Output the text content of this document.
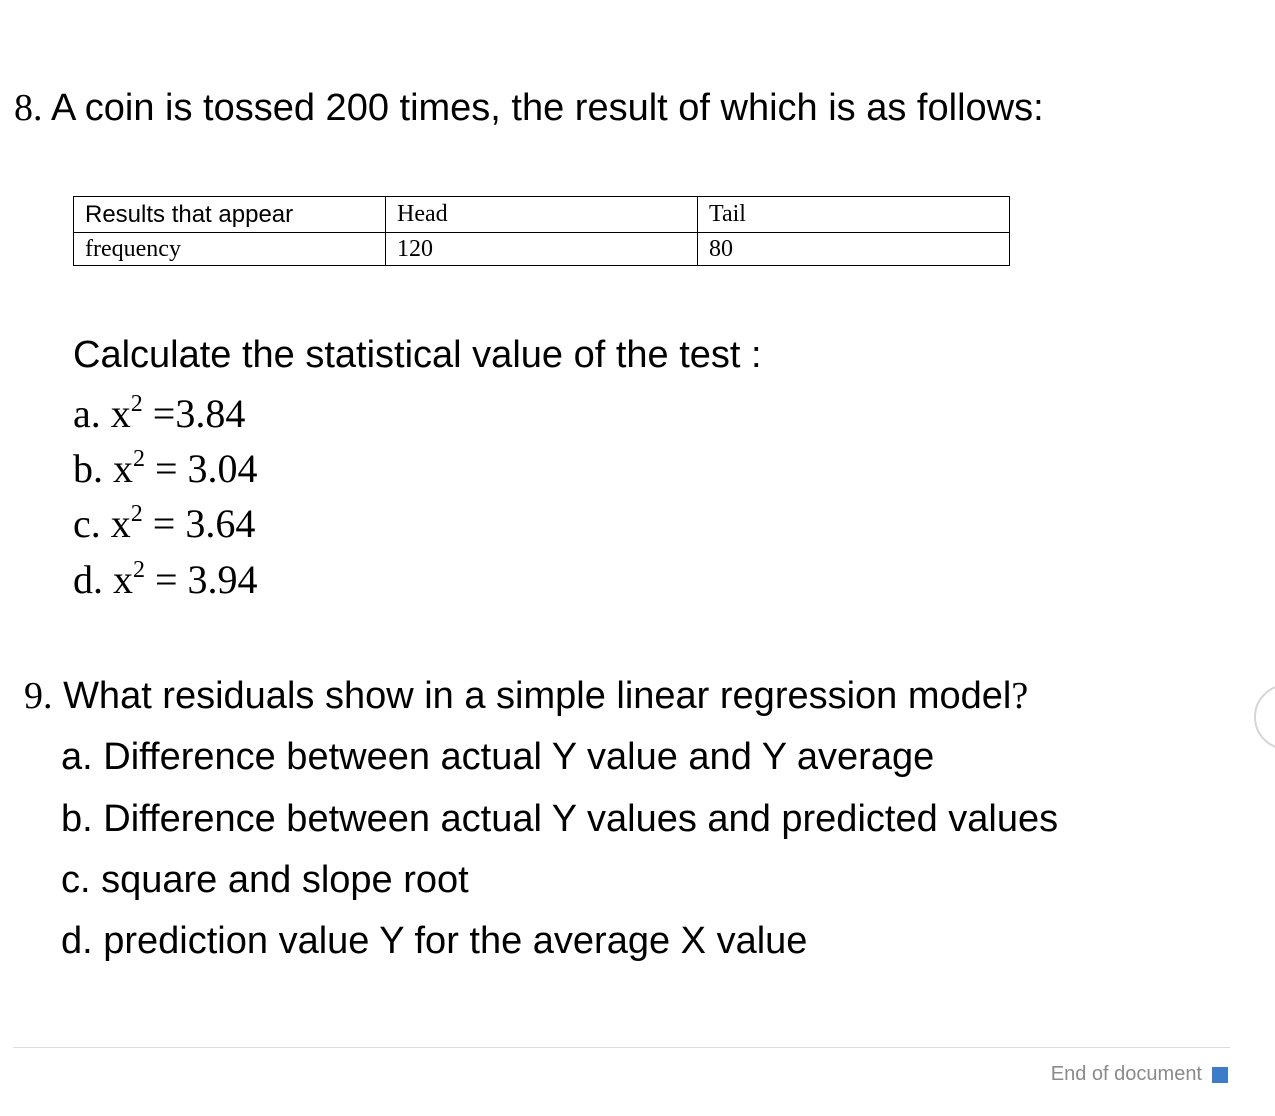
8. A coin is tossed 200 times, the result of which is as follows:
Results that appear	Head	Tail
frequency	120	80
Calculate the statistical value of the test :
a. $x^2 =3.84$
b. $x^2 = 3.04$
c. $x^2 = 3.64$
d. $x^2 = 3.94$
9. What residuals show in a simple linear regression model?
a. Difference between actual Y value and Y average
b. Difference between actual Y values and predicted values
c. square and slope root
d. prediction value Y for the average X value
End of document
